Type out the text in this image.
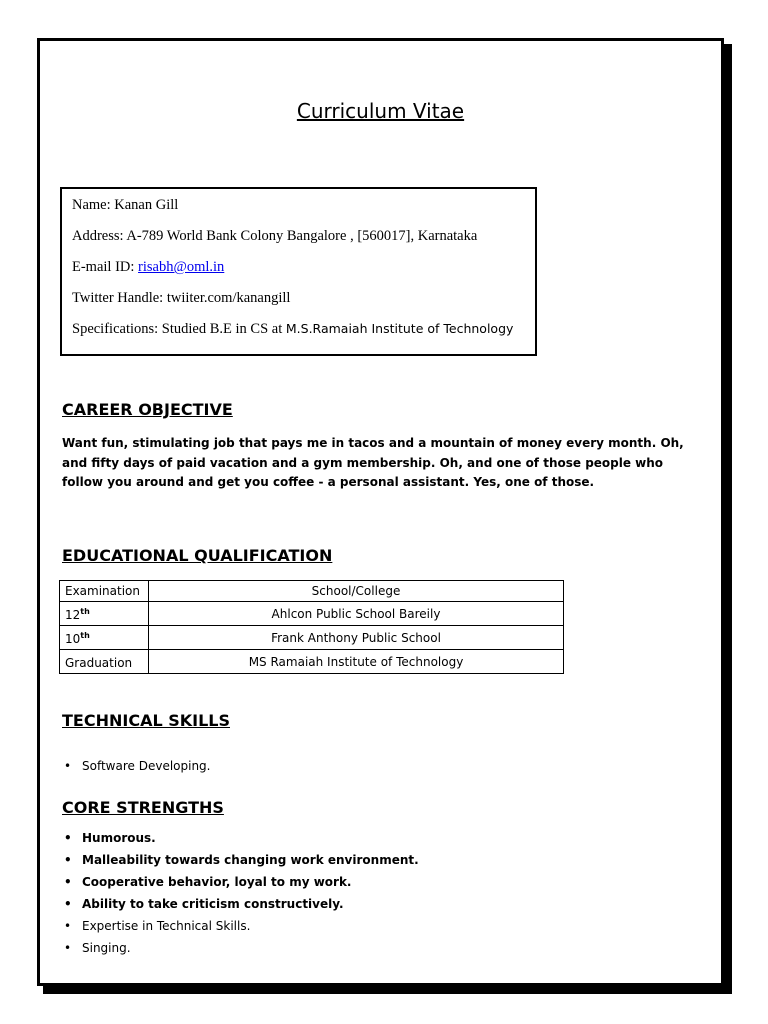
Curriculum Vitae
Name: Kanan Gill
Address: A-789 World Bank Colony Bangalore , [560017], Karnataka
E-mail ID: risabh@oml.in
Twitter Handle: twiiter.com/kanangill
Specifications: Studied B.E in CS at M.S.Ramaiah Institute of Technology
CAREER OBJECTIVE
Want fun, stimulating job that pays me in tacos and a mountain of money every month. Oh, and fifty days of paid vacation and a gym membership. Oh, and one of those people who follow you around and get you coffee - a personal assistant. Yes, one of those.
EDUCATIONAL QUALIFICATION
Examination	School/College
12th	Ahlcon Public School Bareily
10th	Frank Anthony Public School
Graduation	MS Ramaiah Institute of Technology
TECHNICAL SKILLS
• Software Developing.
CORE STRENGTHS
• Humorous.
• Malleability towards changing work environment.
• Cooperative behavior, loyal to my work.
• Ability to take criticism constructively.
• Expertise in Technical Skills.
• Singing.
